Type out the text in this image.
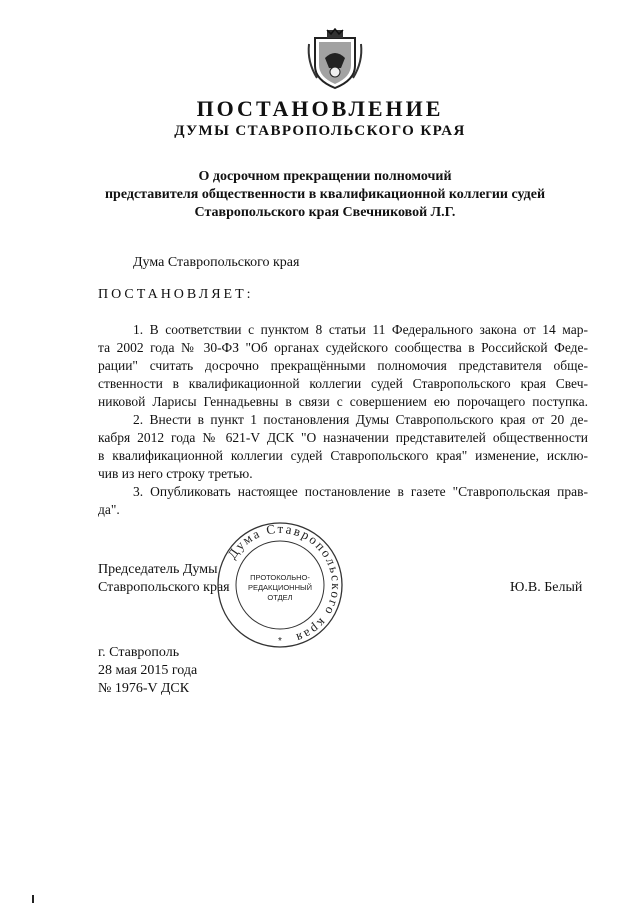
ПОСТАНОВЛЕНИЕ
ДУМЫ СТАВРОПОЛЬСКОГО КРАЯ
О досрочном прекращении полномочий
представителя общественности в квалификационной коллегии судей
Ставропольского края Свечниковой Л.Г.
Дума Ставропольского края
ПОСТАНОВЛЯЕТ:
1. В соответствии с пунктом 8 статьи 11 Федерального закона от 14 мар-
та 2002 года № 30-ФЗ "Об органах судейского сообщества в Российской Феде-
рации" считать досрочно прекращёнными полномочия представителя обще-
ственности в квалификационной коллегии судей Ставропольского края Свеч-
никовой Ларисы Геннадьевны в связи с совершением ею порочащего поступка.
2. Внести в пункт 1 постановления Думы Ставропольского края от 20 де-
кабря 2012 года № 621-V ДСК "О назначении представителей общественности
в квалификационной коллегии судей Ставропольского края" изменение, исклю-
чив из него строку третью.
3. Опубликовать настоящее постановление в газете "Ставропольская прав-
да".
Председатель Думы
Ставропольского края	Ю.В. Белый
Дума Ставропольского края
ПРОТОКОЛЬНО-
РЕДАКЦИОННЫЙ
ОТДЕЛ
*
г. Ставрополь
28 мая 2015 года
№ 1976-V ДСК
